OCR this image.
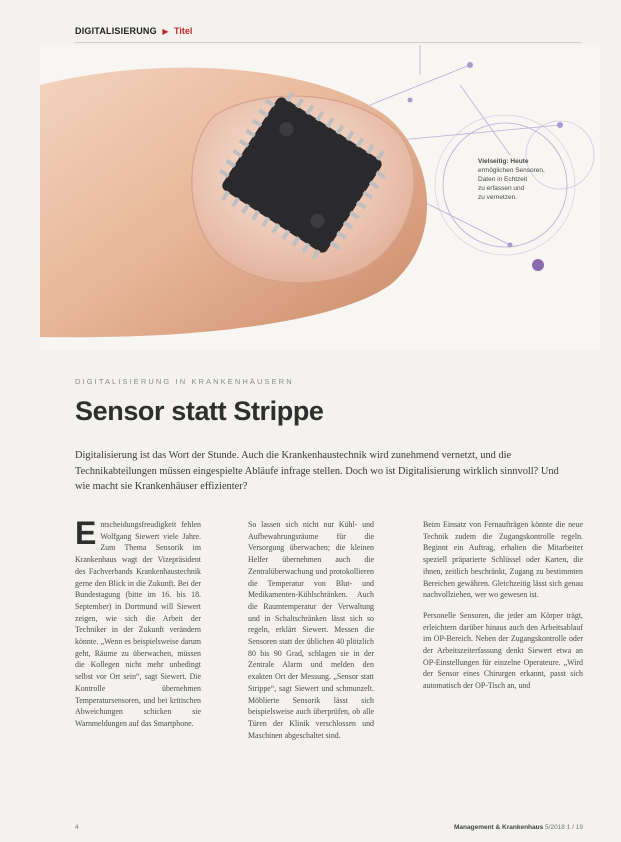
DIGITALISIERUNG ▶ Titel
Vielseitig: Heute
ermöglichen Sensoren,
Daten in Echtzeit
zu erfassen und
zu vernetzen.
DIGITALISIERUNG IN KRANKENHÄUSERN
Sensor statt Strippe

Digitalisierung ist das Wort der Stunde. Auch die Krankenhaustechnik wird zunehmend vernetzt, und die Technikabteilungen müssen eingespielte Abläufe infrage stellen. Doch wo ist Digitalisierung wirklich sinnvoll? Und wie macht sie Krankenhäuser effizienter?

Entscheidungsfreudigkeit fehlen Wolfgang Siewert viele Jahre. Zum Thema Sensorik im Krankenhaus wagt der Vizepräsident des Fachverbands Krankenhaustechnik gerne den Blick in die Zukunft. Bei der Bundestagung (bitte im 16. bis 18. September) in Dortmund will Siewert zeigen, wie sich die Arbeit der Techniker in der Zukunft verändern könnte. „Wenn es beispielsweise darum geht, Räume zu überwachen, müssen die Kollegen nicht mehr unbedingt selbst vor Ort sein“, sagt Siewert. Die Kontrolle übernehmen Temperatursensoren, und bei kritischen Abweichungen schicken sie Warnmeldungen auf das Smartphone.
So lassen sich nicht nur Kühl- und Aufbewahrungsräume für die Versorgung überwachen; die kleinen Helfer übernehmen auch die Zentralüberwachung und protokollieren die Temperatur von Blut- und Medikamenten-Kühlschränken. Auch die Raumtemperatur der Verwaltung und in Schaltschränken lässt sich so regeln, erklärt Siewert. Messen die Sensoren statt der üblichen 40 plötzlich 80 bis 90 Grad, schlagen sie in der Zentrale Alarm und melden den exakten Ort der Messung. „Sensor statt Strippe“, sagt Siewert und schmunzelt. Möblierte Sensorik lässt sich beispielsweise auch überprüfen, ob alle Türen der Klinik verschlossen und Maschinen abgeschaltet sind.

Beim Einsatz von Fernaufträgen könnte die neue Technik zudem die Zugangskontrolle regeln. Beginnt ein Auftrag, erhalten die Mitarbeiter speziell präparierte Schlüssel oder Karten, die ihnen, zeitlich beschränkt, Zugang zu bestimmten Bereichen gewähren. Gleichzeitig lässt sich genau nachvollziehen, wer wo gewesen ist.

Personelle Sensoren, die jeder am Körper trägt, erleichtern darüber hinaus auch den Arbeitsablauf im OP-Bereich. Neben der Zugangskontrolle oder der Arbeitszeiterfassung denkt Siewert etwa an OP-Einstellungen für einzelne Operateure. „Wird der Sensor eines Chirurgen erkannt, passt sich automatisch der OP-Tisch an, und

4	Management & Krankenhaus 5/2018 1 / 19
